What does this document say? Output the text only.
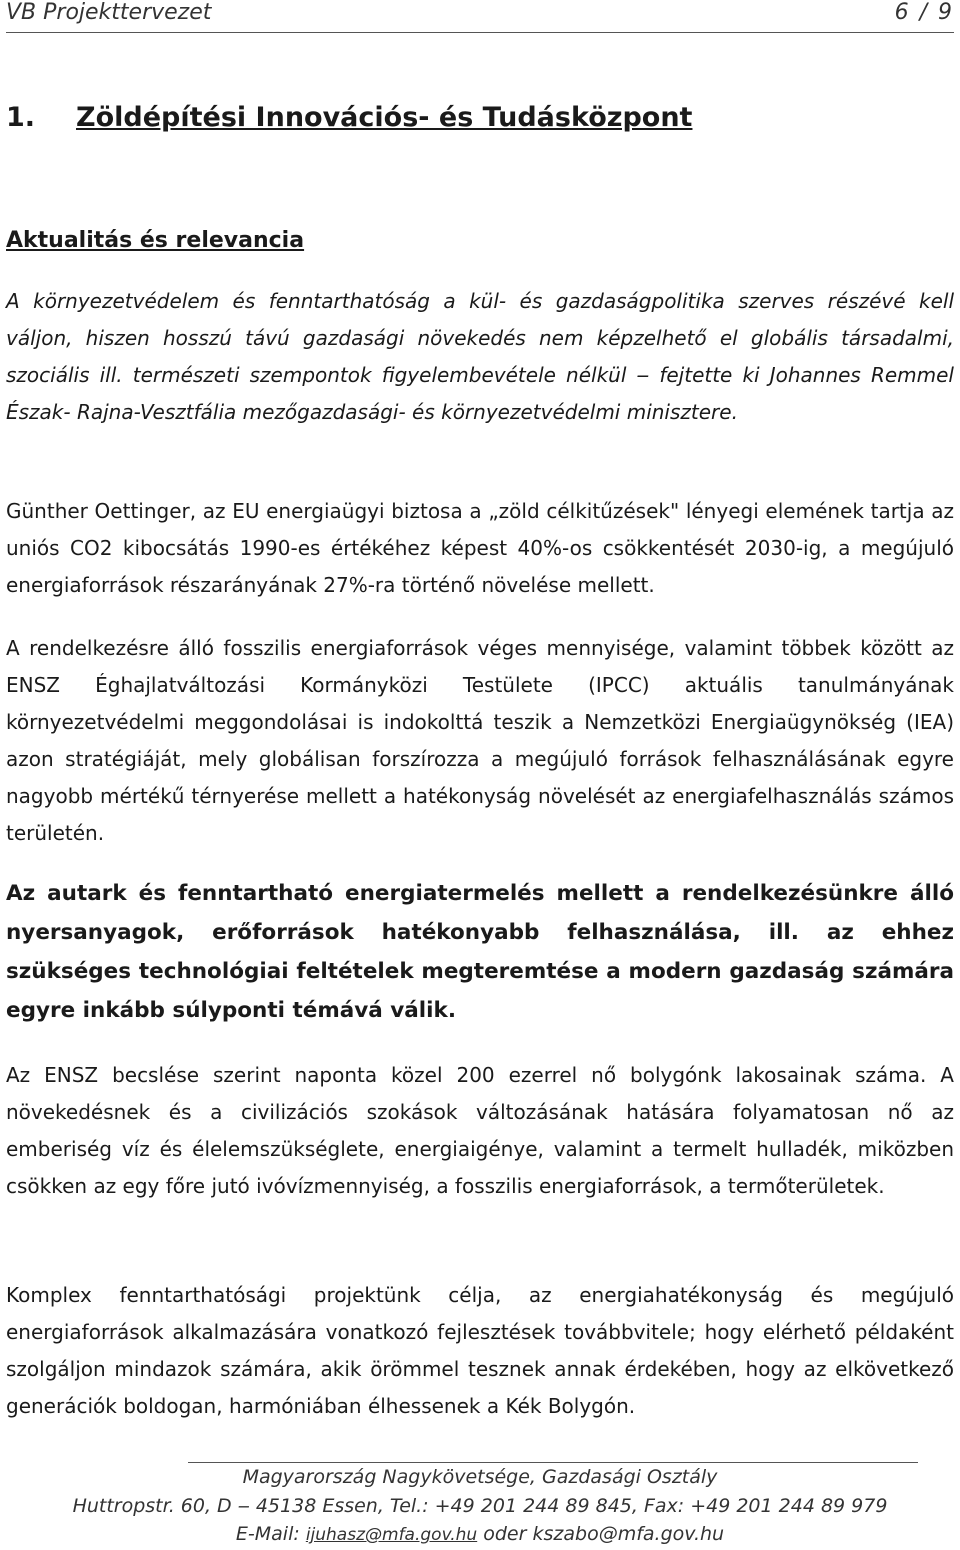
VB Projekttervezet	6 / 9
1. Zöldépítési Innovációs- és Tudásközpont
Aktualitás és relevancia

A környezetvédelem és fenntarthatóság a kül- és gazdaságpolitika szerves részévé kell váljon, hiszen hosszú távú gazdasági növekedés nem képzelhető el globális társadalmi, szociális ill. természeti szempontok figyelembevétele nélkül ‒ fejtette ki Johannes Remmel Észak- Rajna-Vesztfália mezőgazdasági- és környezetvédelmi minisztere.

Günther Oettinger, az EU energiaügyi biztosa a „zöld célkitűzések" lényegi elemének tartja az uniós CO2 kibocsátás 1990-es értékéhez képest 40%-os csökkentését 2030-ig, a megújuló energiaforrások részarányának 27%-ra történő növelése mellett.

A rendelkezésre álló fosszilis energiaforrások véges mennyisége, valamint többek között az ENSZ Éghajlatváltozási Kormányközi Testülete (IPCC) aktuális tanulmányának környezetvédelmi meggondolásai is indokolttá teszik a Nemzetközi Energiaügynökség (IEA) azon stratégiáját, mely globálisan forszírozza a megújuló források felhasználásának egyre nagyobb mértékű térnyerése mellett a hatékonyság növelését az energiafelhasználás számos területén.

Az autark és fenntartható energiatermelés mellett a rendelkezésünkre álló nyersanyagok, erőforrások hatékonyabb felhasználása, ill. az ehhez szükséges technológiai feltételek megteremtése a modern gazdaság számára egyre inkább súlyponti témává válik.

Az ENSZ becslése szerint naponta közel 200 ezerrel nő bolygónk lakosainak száma. A növekedésnek és a civilizációs szokások változásának hatására folyamatosan nő az emberiség víz és élelemszükséglete, energiaigénye, valamint a termelt hulladék, miközben csökken az egy főre jutó ivóvízmennyiség, a fosszilis energiaforrások, a termőterületek.

Komplex fenntarthatósági projektünk célja, az energiahatékonyság és megújuló energiaforrások alkalmazására vonatkozó fejlesztések továbbvitele; hogy elérhető példaként szolgáljon mindazok számára, akik örömmel tesznek annak érdekében, hogy az elkövetkező generációk boldogan, harmóniában élhessenek a Kék Bolygón.

Magyarország Nagykövetsége, Gazdasági Osztály
Huttropstr. 60, D ‒ 45138 Essen, Tel.: +49 201 244 89 845, Fax: +49 201 244 89 979
E-Mail: ijuhasz@mfa.gov.hu oder kszabo@mfa.gov.hu
